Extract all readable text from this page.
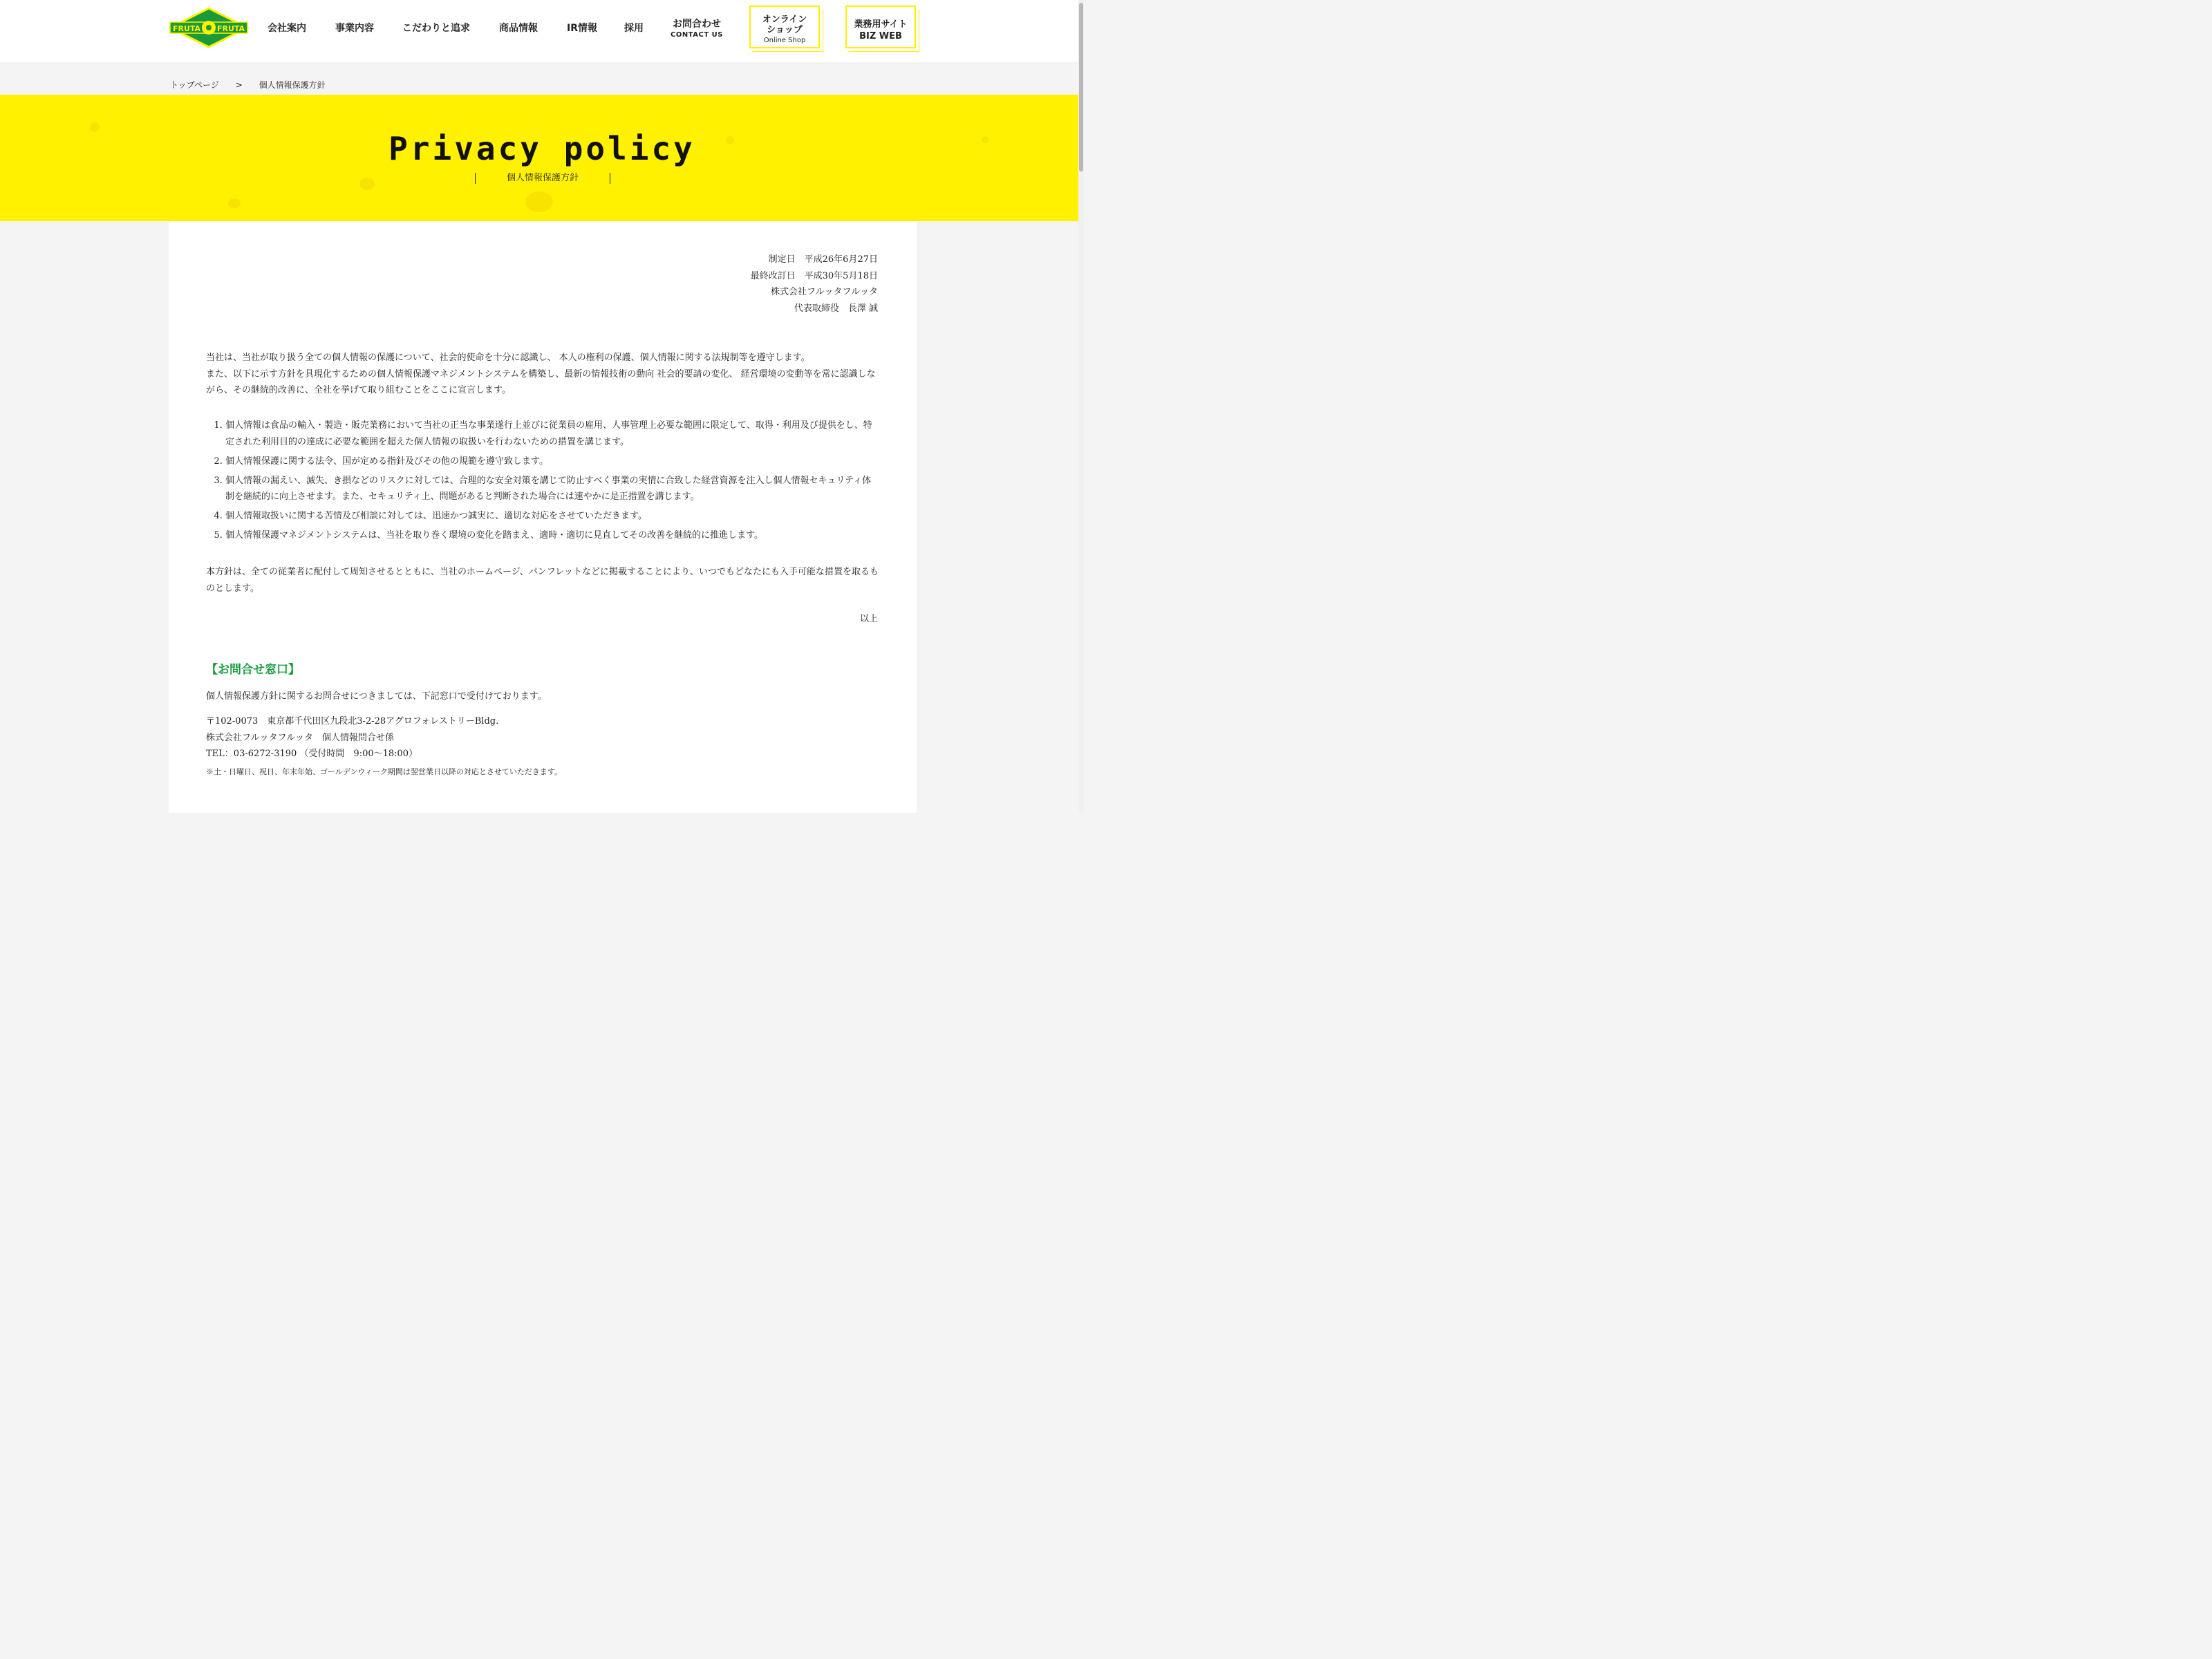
FRUTA FRUTA 会社案内	事業内容	こだわりと追求	商品情報	IR情報	採用	お問合わせ
CONTACT US
オンライン
ショップ
Online Shop
業務用サイト
BIZ WEB
トップページ > 個人情報保護方針
Privacy policy
個人情報保護方針
制定日　平成26年6月27日
最終改訂日　平成30年5月18日
株式会社フルッタフルッタ
代表取締役　長澤 誠
当社は、当社が取り扱う全ての個人情報の保護について、社会的使命を十分に認識し、 本人の権利の保護、個人情報に関する法規制等を遵守します。
また、以下に示す方針を具現化するための個人情報保護マネジメントシステムを構築し、最新の情報技術の動向 社会的要請の変化、 経営環境の変動等を常に認識しながら、その継続的改善に、全社を挙げて取り組むことをここに宣言します。
1. 個人情報は食品の輸入・製造・販売業務において当社の正当な事業遂行上並びに従業員の雇用、人事管理上必要な範囲に限定して、取得・利用及び提供をし、特定された利用目的の達成に必要な範囲を超えた個人情報の取扱いを行わないための措置を講じます。
2. 個人情報保護に関する法令、国が定める指針及びその他の規範を遵守致します。
3. 個人情報の漏えい、滅失、き損などのリスクに対しては、合理的な安全対策を講じて防止すべく事業の実情に合致した経営資源を注入し個人情報セキュリティ体制を継続的に向上させます。また、セキュリティ上、問題があると判断された場合には速やかに是正措置を講じます。
4. 個人情報取扱いに関する苦情及び相談に対しては、迅速かつ誠実に、適切な対応をさせていただきます。
5. 個人情報保護マネジメントシステムは、当社を取り巻く環境の変化を踏まえ、適時・適切に見直してその改善を継続的に推進します。
本方針は、全ての従業者に配付して周知させるとともに、当社のホームページ、パンフレットなどに掲載することにより、いつでもどなたにも入手可能な措置を取るものとします。
以上
【お問合せ窓口】
個人情報保護方針に関するお問合せにつきましては、下記窓口で受付けております。
〒102-0073　東京都千代田区九段北3-2-28アグロフォレストリーBldg.
株式会社フルッタフルッタ　個人情報問合せ係
TEL：03-6272-3190 （受付時間　9:00〜18:00）
※土・日曜日、祝日、年末年始、ゴールデンウィーク期間は翌営業日以降の対応とさせていただきます。
